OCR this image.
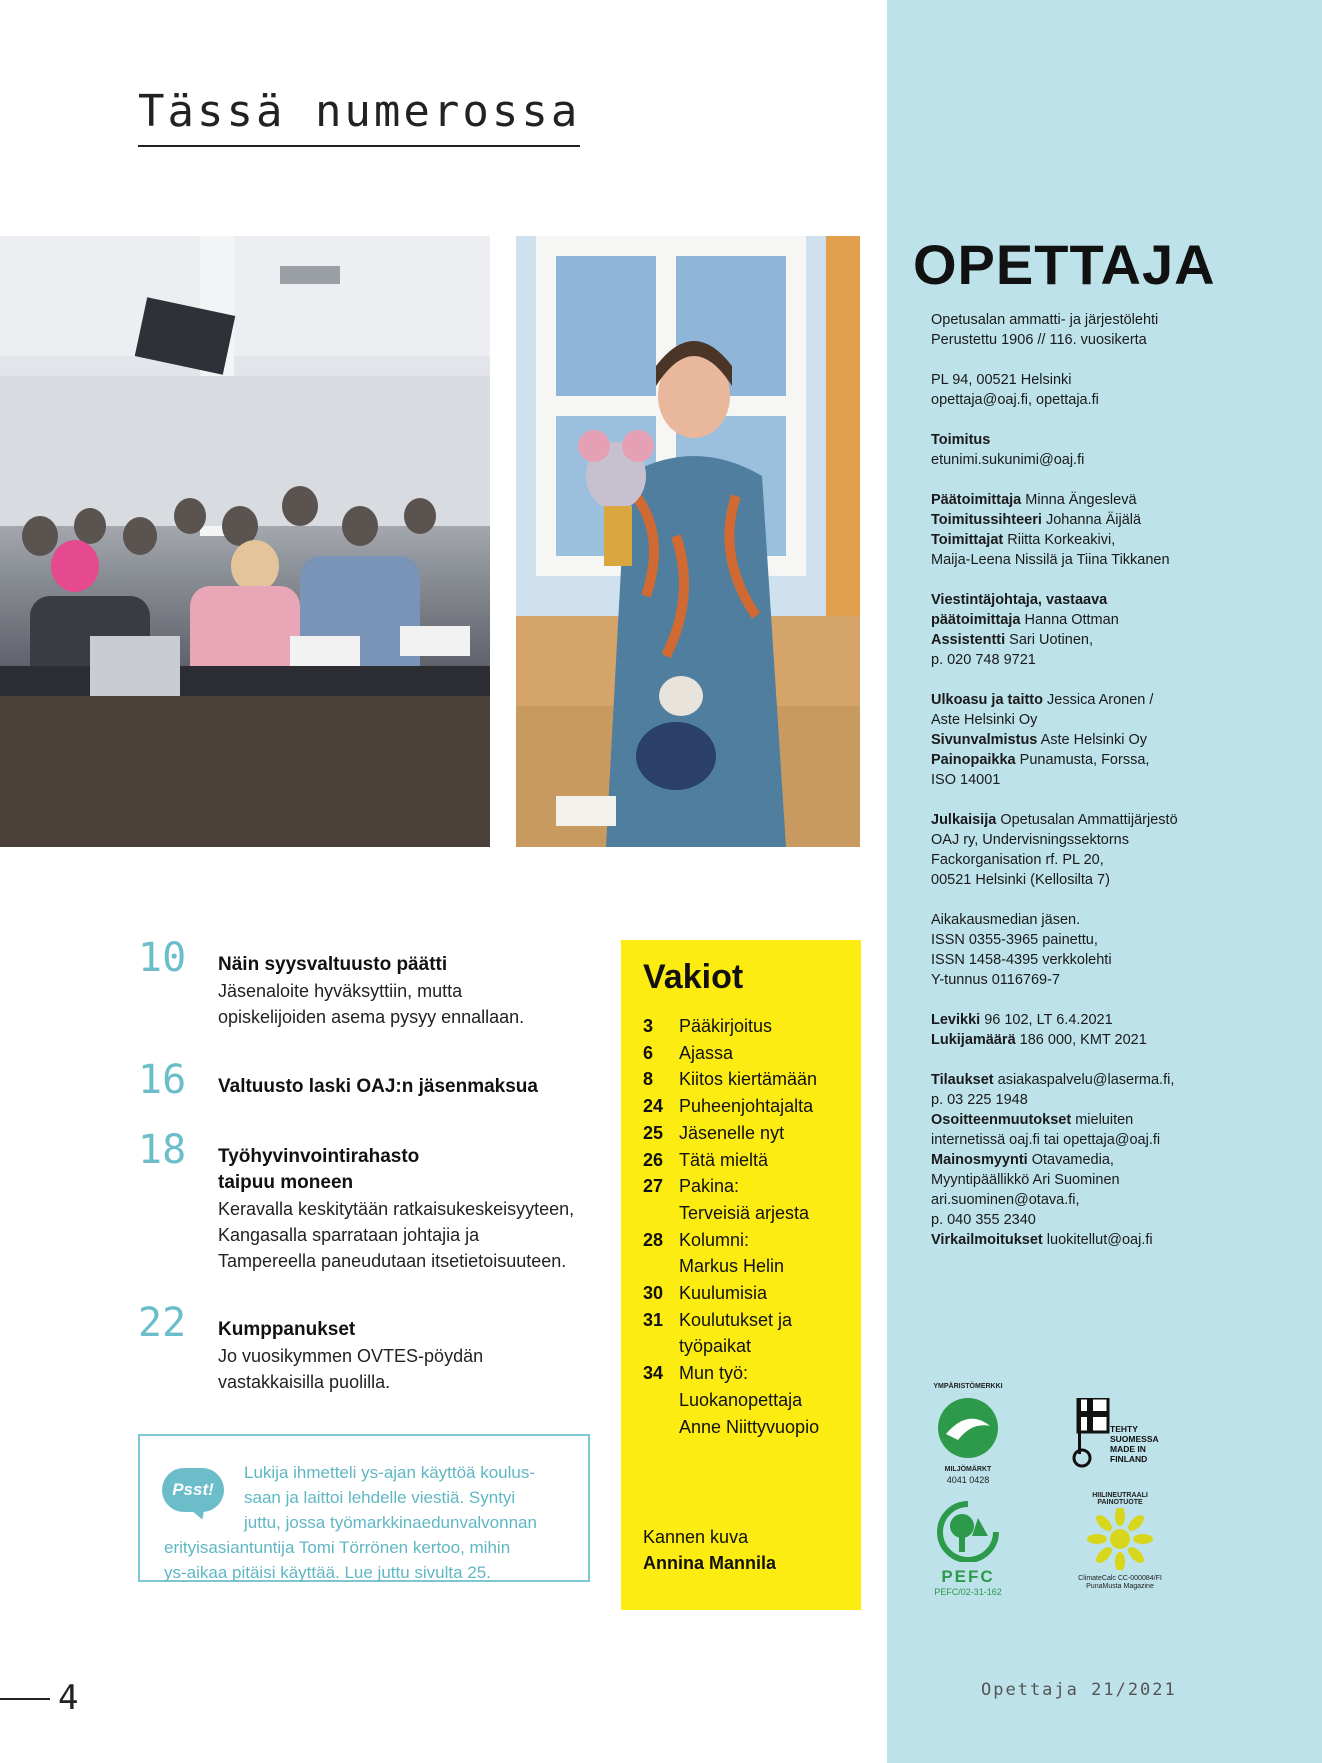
Tässä numerossa
10 Näin syysvaltuusto päätti
Jäsenaloite hyväksyttiin, mutta
opiskelijoiden asema pysyy ennallaan.
16 Valtuusto laski OAJ:n jäsenmaksua
18 Työhyvinvointirahasto
taipuu moneen
Keravalla keskitytään ratkaisukeskeisyyteen,
Kangasalla sparrataan johtajia ja
Tampereella paneudutaan itsetietoisuuteen.
22 Kumppanukset
Jo vuosikymmen OVTES-pöydän
vastakkaisilla puolilla.
Psst!
Lukija ihmetteli ys-ajan käyttöä koulus-
saan ja laittoi lehdelle viestiä. Syntyi
juttu, jossa työmarkkinaedunvalvonnan
erityisasiantuntija Tomi Törrönen kertoo, mihin
ys-aikaa pitäisi käyttää. Lue juttu sivulta 25.
Vakiot
3	Pääkirjoitus
6	Ajassa
8	Kiitos kiertämään
24 Puheenjohtajalta
25 Jäsenelle nyt
26 Tätä mieltä
27 Pakina:
Terveisiä arjesta
28 Kolumni:
Markus Helin
30 Kuulumisia
31 Koulutukset ja
työpaikat
34 Mun työ:
Luokanopettaja
Anne Niittyvuopio
Kannen kuva
Annina Mannila
OPETTAJA

Opetusalan ammatti- ja järjestölehti
Perustettu 1906 // 116. vuosikerta

PL 94, 00521 Helsinki
opettaja@oaj.fi, opettaja.fi

Toimitus
etunimi.sukunimi@oaj.fi

Päätoimittaja Minna Ängeslevä
Toimitussihteeri Johanna Äijälä
Toimittajat Riitta Korkeakivi,
Maija-Leena Nissilä ja Tiina Tikkanen

Viestintäjohtaja, vastaava
päätoimittaja Hanna Ottman
Assistentti Sari Uotinen,
p. 020 748 9721

Ulkoasu ja taitto Jessica Aronen /
Aste Helsinki Oy
Sivunvalmistus Aste Helsinki Oy
Painopaikka Punamusta, Forssa,
ISO 14001

Julkaisija Opetusalan Ammattijärjestö
OAJ ry, Undervisningssektorns
Fackorganisation rf. PL 20,
00521 Helsinki (Kellosilta 7)

Aikakausmedian jäsen.
ISSN 0355-3965 painettu,
ISSN 1458-4395 verkkolehti
Y-tunnus 0116769-7

Levikki 96 102, LT 6.4.2021
Lukijamäärä 186 000, KMT 2021

Tilaukset asiakaspalvelu@laserma.fi,
p. 03 225 1948
Osoitteenmuutokset mieluiten
internetissä oaj.fi tai opettaja@oaj.fi
Mainosmyynti Otavamedia,
Myyntipäällikkö Ari Suominen
ari.suominen@otava.fi,
p. 040 355 2340
Virkailmoitukset luokitellut@oaj.fi

YMPÄRISTÖMERKKI
MILJÖMÄRKT
4041 0428
TEHTY SUOMESSA
MADE IN FINLAND
PEFC
PEFC/02-31-162
HIILINEUTRAALI PAINOTUOTE
ClimateCalc CC-000084/FI
PunaMusta Magazine
4	Opettaja 21/2021
